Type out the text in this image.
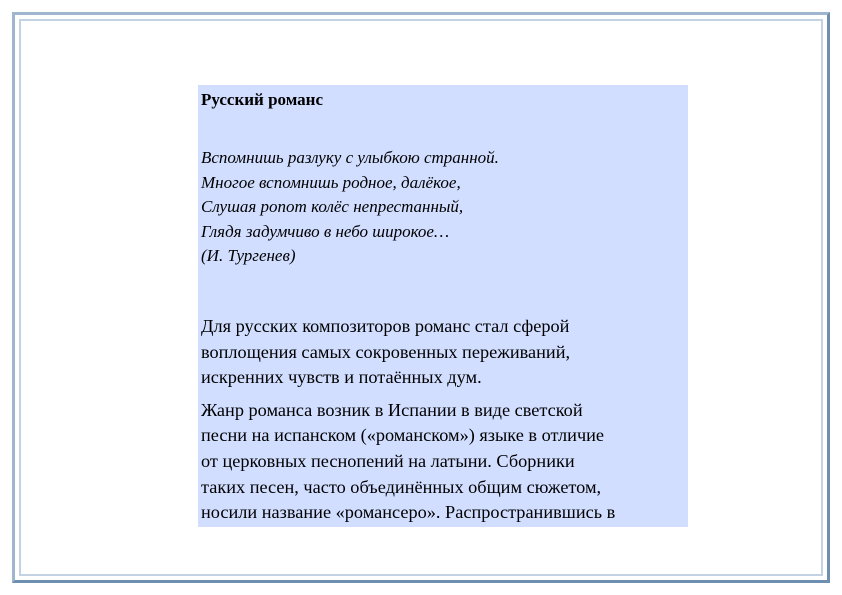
Русский романс
Вспомнишь разлуку с улыбкою странной.
Многое вспомнишь родное, далёкое,
Слушая ропот колёс непрестанный,
Глядя задумчиво в небо широкое…
(И. Тургенев)
Для русских композиторов романс стал сферой
воплощения самых сокровенных переживаний,
искренних чувств и потаённых дум.
Жанр романса возник в Испании в виде светской
песни на испанском («романском») языке в отличие
от церковных песнопений на латыни. Сборники
таких песен, часто объединённых общим сюжетом,
носили название «романсеро». Распространившись в
